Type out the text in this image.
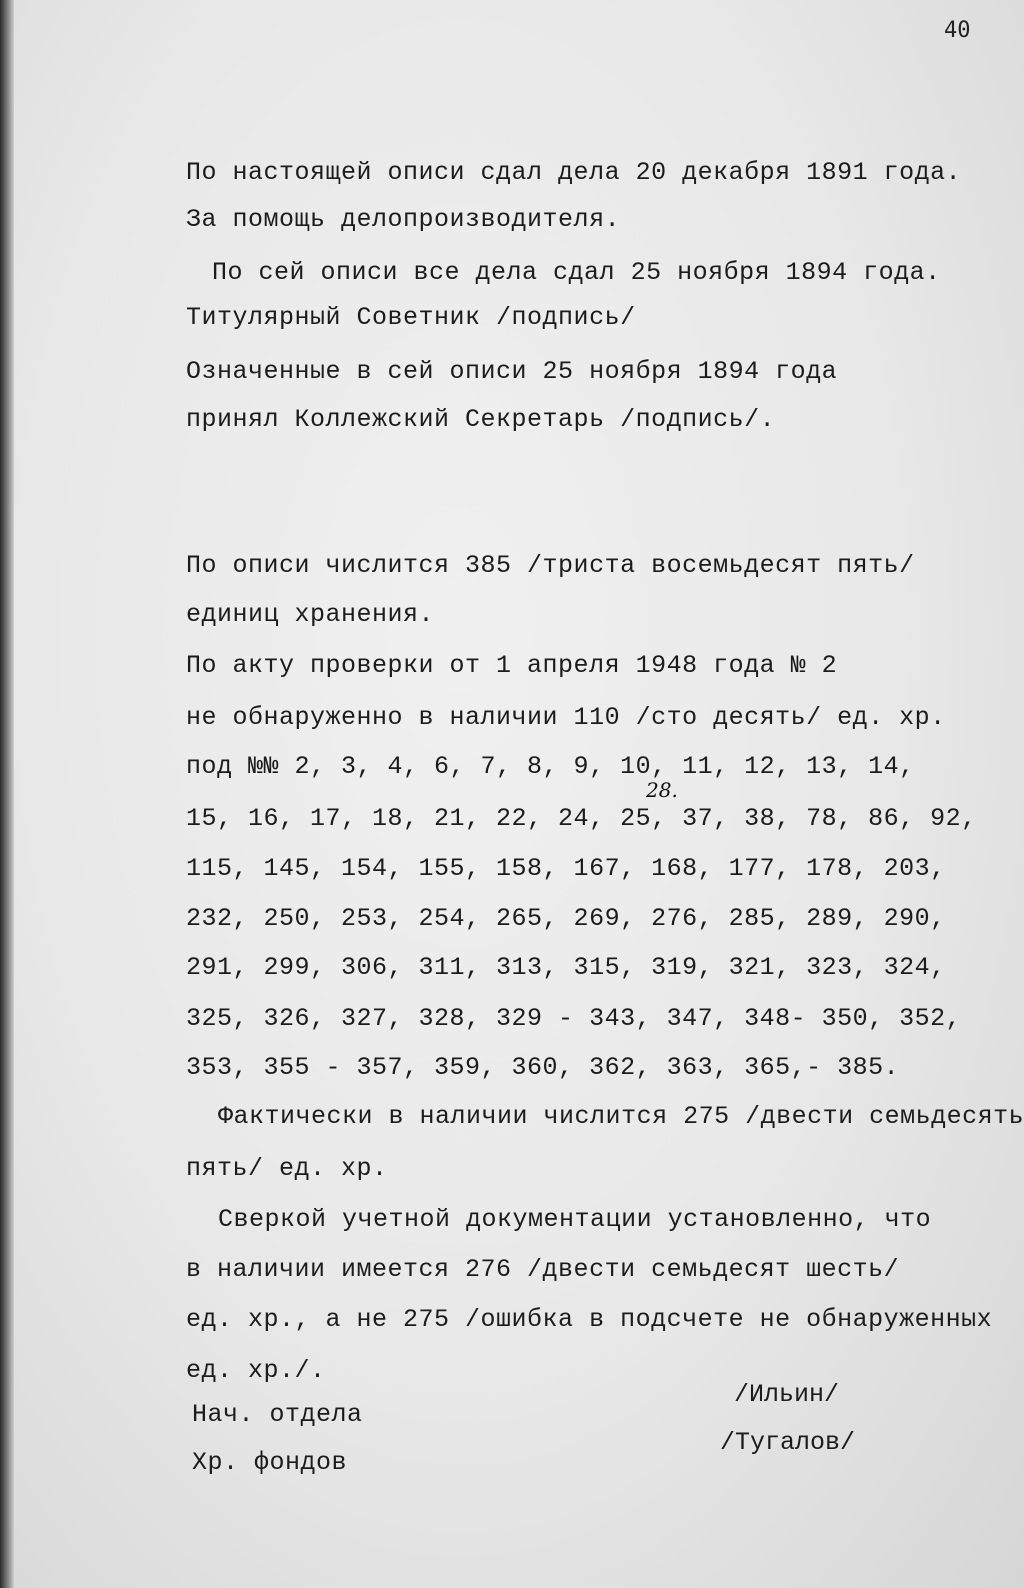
40
По настоящей описи сдал дела 20 декабря 1891 года.
За помощь делопроизводителя.
По сей описи все дела сдал 25 ноября 1894 года.
Титулярный Советник /подпись/
Означенные в сей описи 25 ноября 1894 года
принял Коллежский Секретарь /подпись/.
По описи числится 385 /триста восемьдесят пять/
единиц хранения.
По акту проверки от 1 апреля 1948 года № 2
не обнаруженно в наличии 110 /сто десять/ ед. хр.
под №№ 2, 3, 4, 6, 7, 8, 9, 10, 11, 12, 13, 14,
28.
15, 16, 17, 18, 21, 22, 24, 25, 37, 38, 78, 86, 92,
115, 145, 154, 155, 158, 167, 168, 177, 178, 203,
232, 250, 253, 254, 265, 269, 276, 285, 289, 290,
291, 299, 306, 311, 313, 315, 319, 321, 323, 324,
325, 326, 327, 328, 329 - 343, 347, 348- 350, 352,
353, 355 - 357, 359, 360, 362, 363, 365,- 385.
Фактически в наличии числится 275 /двести семьдесять
пять/ ед. хр.
Сверкой учетной документации установленно, что
в наличии имеется 276 /двести семьдесят шесть/
ед. хр., а не 275 /ошибка в подсчете не обнаруженных
ед. хр./.
/Ильин/
Нач. отдела
/Тугалов/
Хр. фондов
